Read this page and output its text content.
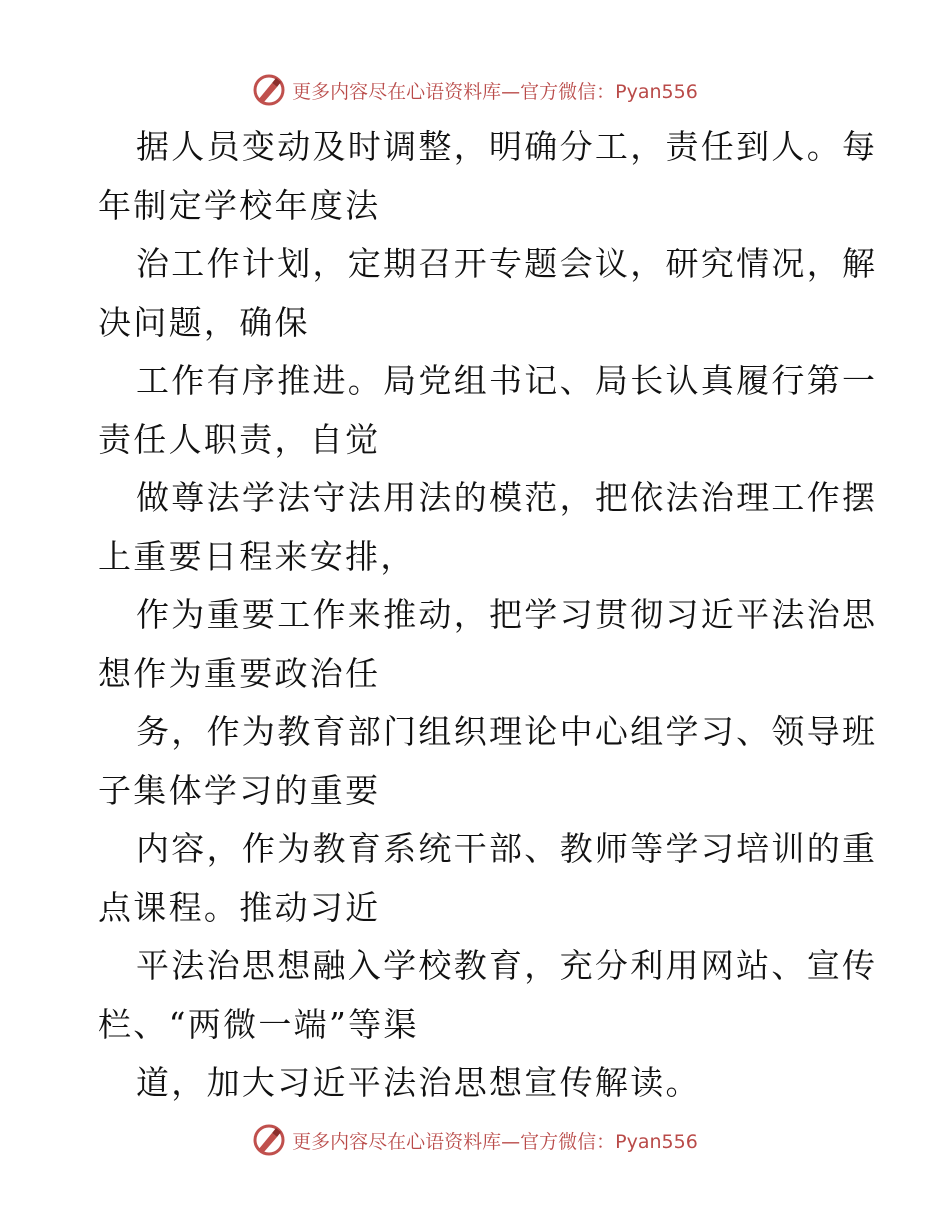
更多内容尽在心语资料库—官方微信：Pyan556

据人员变动及时调整，明确分工，责任到人。每
年制定学校年度法

治工作计划，定期召开专题会议，研究情况，解
决问题，确保

工作有序推进。局党组书记、局长认真履行第一
责任人职责，自觉

做尊法学法守法用法的模范，把依法治理工作摆
上重要日程来安排，

作为重要工作来推动，把学习贯彻习近平法治思
想作为重要政治任

务，作为教育部门组织理论中心组学习、领导班
子集体学习的重要

内容，作为教育系统干部、教师等学习培训的重
点课程。推动习近

平法治思想融入学校教育，充分利用网站、宣传
栏、“两微一端”等渠

道，加大习近平法治思想宣传解读。

更多内容尽在心语资料库—官方微信：Pyan556
